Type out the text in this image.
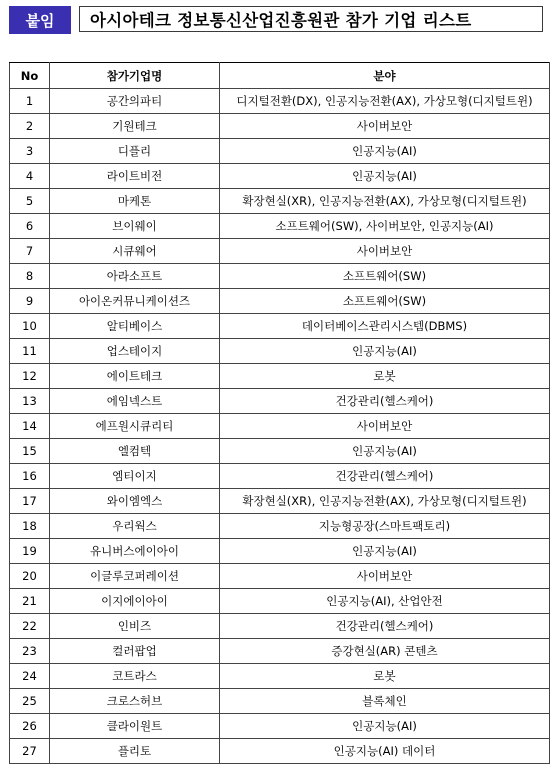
붙임	아시아테크 정보통신산업진흥원관 참가 기업 리스트
No	참가기업명	분야
1	공간의파티	디지털전환(DX), 인공지능전환(AX), 가상모형(디지털트윈)
2	기원테크	사이버보안
3	디플리	인공지능(AI)
4	라이트비전	인공지능(AI)
5	마케톤	확장현실(XR), 인공지능전환(AX), 가상모형(디지털트윈)
6	브이웨이	소프트웨어(SW), 사이버보안, 인공지능(AI)
7	시큐웨어	사이버보안
8	아라소프트	소프트웨어(SW)
9	아이온커뮤니케이션즈	소프트웨어(SW)
10	알티베이스	데이터베이스관리시스템(DBMS)
11	업스테이지	인공지능(AI)
12	에이트테크	로봇
13	에임넥스트	건강관리(헬스케어)
14	에프원시큐리티	사이버보안
15	엘컴텍	인공지능(AI)
16	엠티이지	건강관리(헬스케어)
17	와이엠엑스	확장현실(XR), 인공지능전환(AX), 가상모형(디지털트윈)
18	우리웍스	지능형공장(스마트팩토리)
19	유니버스에이아이	인공지능(AI)
20	이글루코퍼레이션	사이버보안
21	이지에이아이	인공지능(AI), 산업안전
22	인비즈	건강관리(헬스케어)
23	컬러팝업	증강현실(AR) 콘텐츠
24	코트라스	로봇
25	크로스허브	블록체인
26	클라이원트	인공지능(AI)
27	플리토	인공지능(AI) 데이터
